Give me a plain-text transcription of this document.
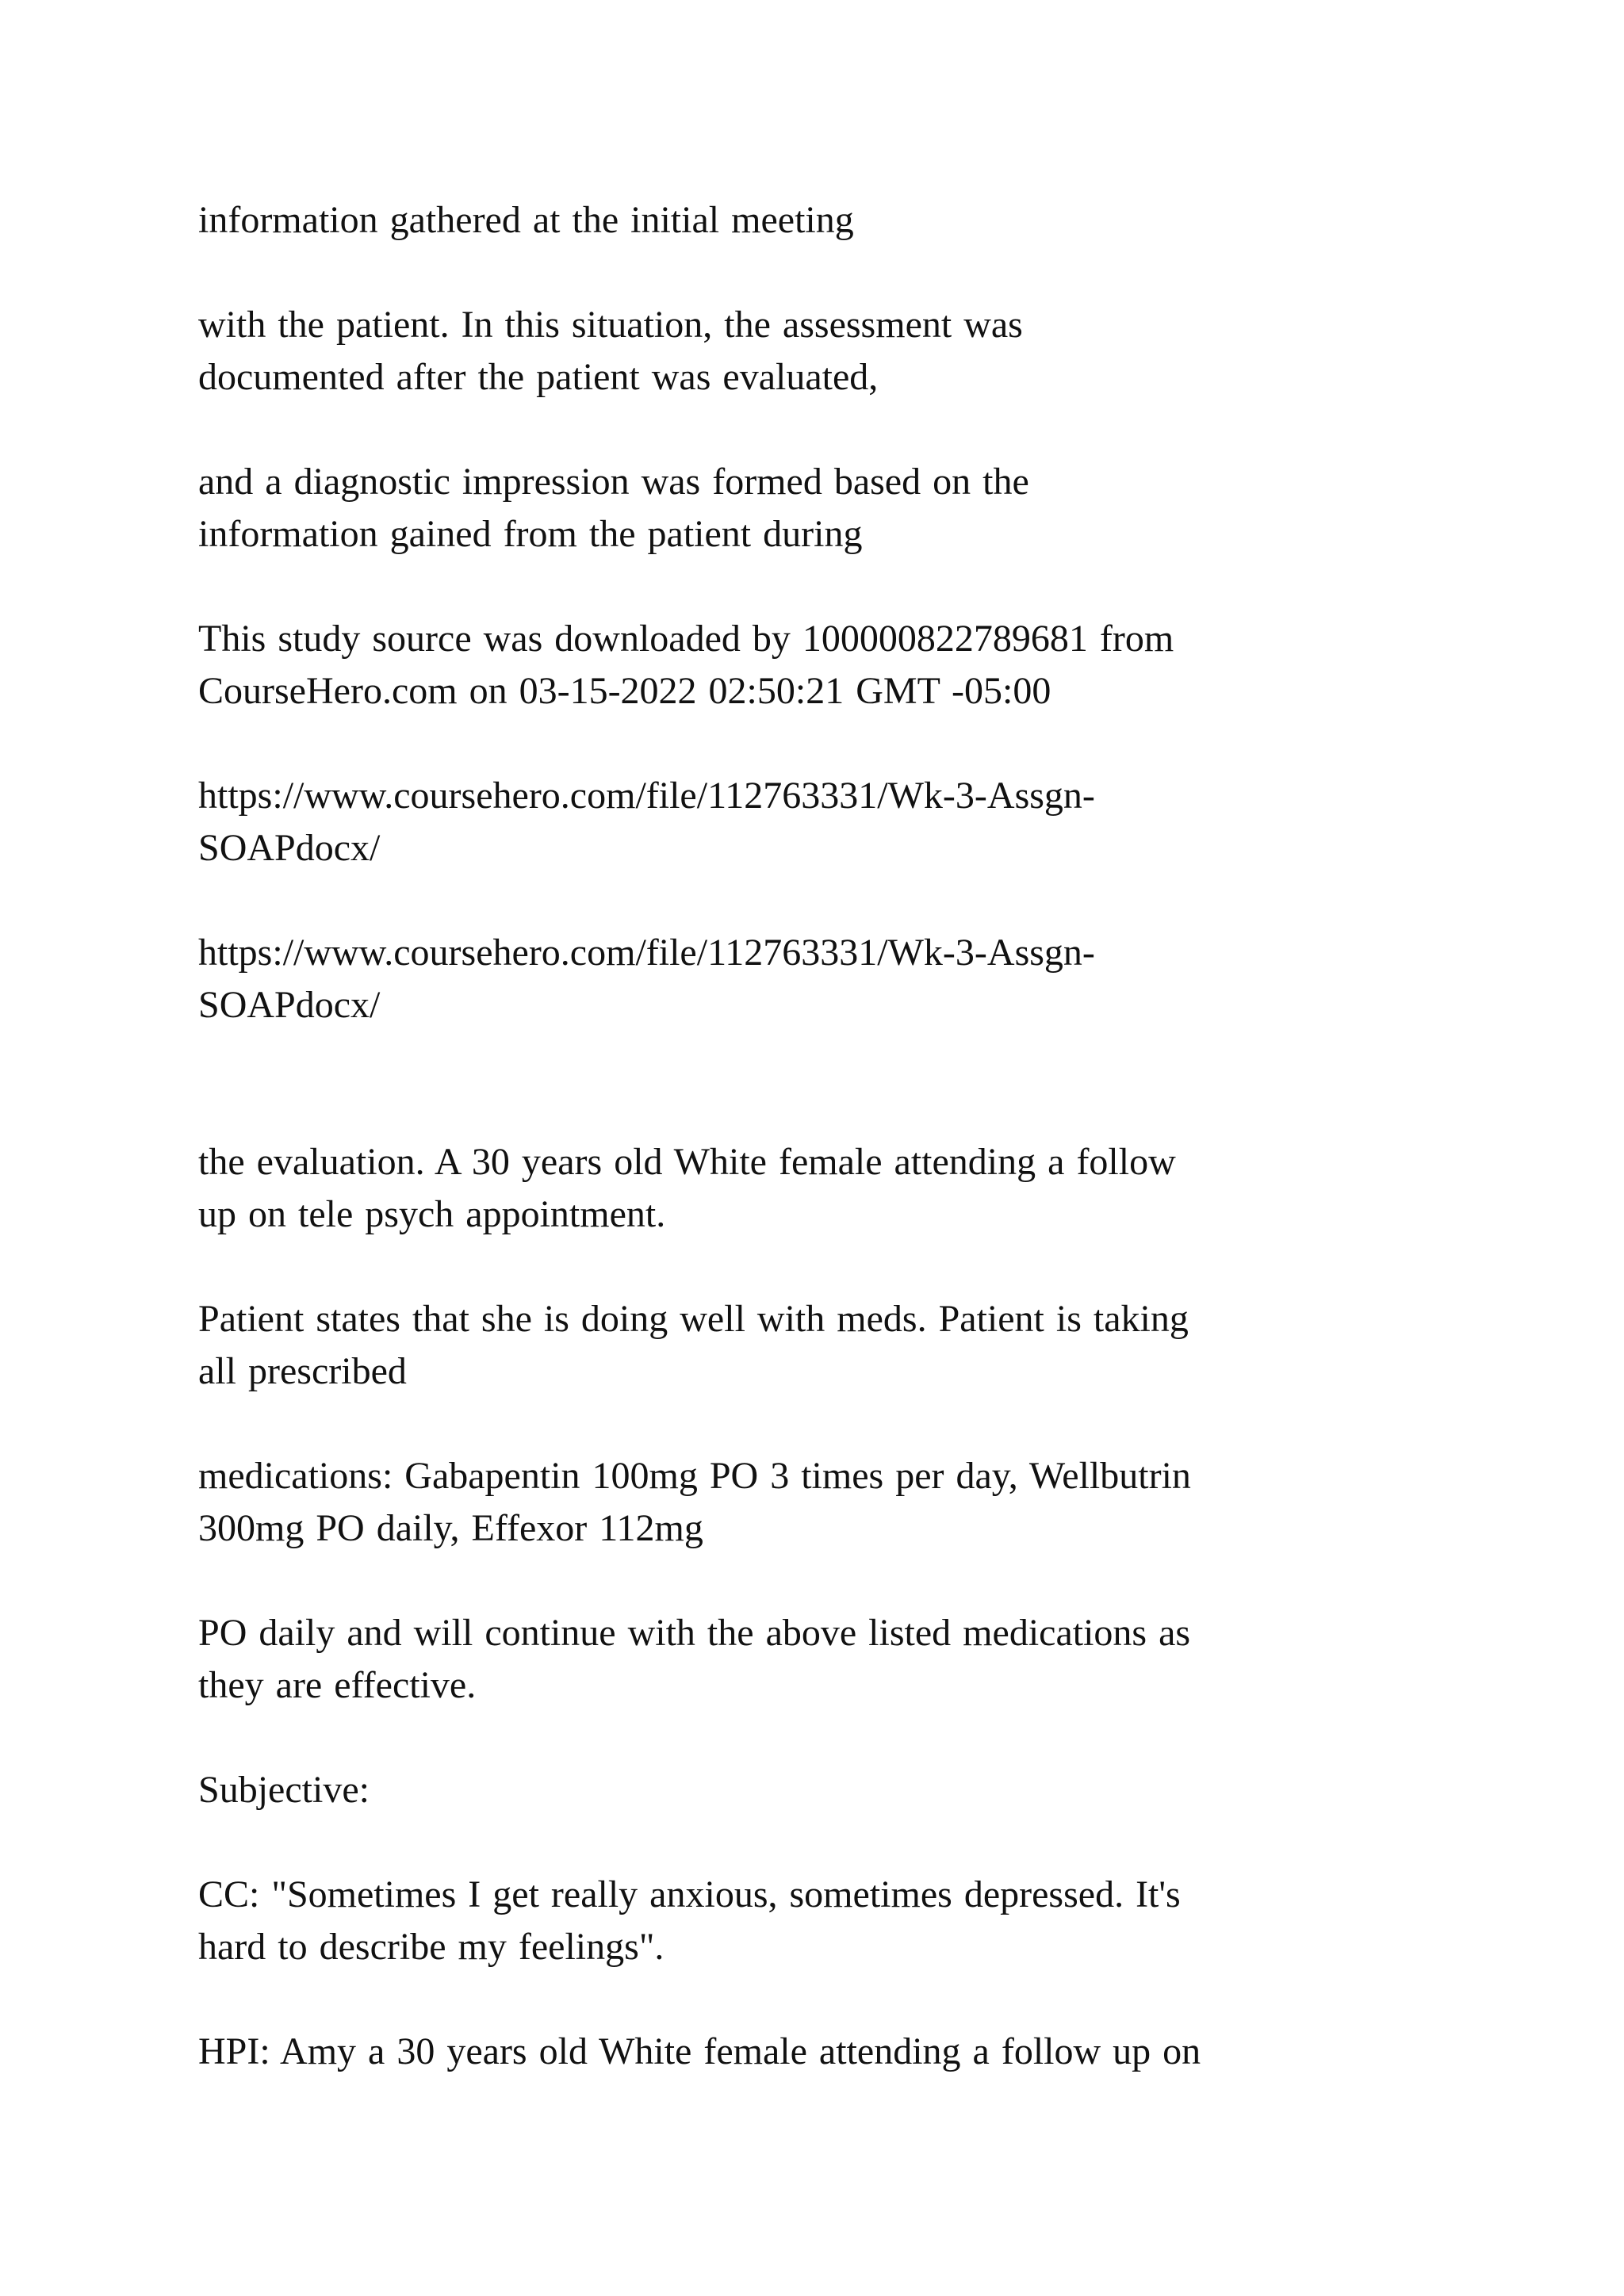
information gathered at the initial meeting

with the patient. In this situation, the assessment was

documented after the patient was evaluated,

and a diagnostic impression was formed based on the

information gained from the patient during

This study source was downloaded by 100000822789681 from

CourseHero.com on 03-15-2022 02:50:21 GMT -05:00

https://www.coursehero.com/file/112763331/Wk-3-Assgn-

SOAPdocx/

https://www.coursehero.com/file/112763331/Wk-3-Assgn-

SOAPdocx/

the evaluation. A 30 years old White female attending a follow

up on tele psych appointment.

Patient states that she is doing well with meds. Patient is taking

all prescribed

medications: Gabapentin 100mg PO 3 times per day, Wellbutrin

300mg PO daily, Effexor 112mg

PO daily and will continue with the above listed medications as

they are effective.

Subjective:

CC: "Sometimes I get really anxious, sometimes depressed. It's

hard to describe my feelings".

HPI: Amy a 30 years old White female attending a follow up on
